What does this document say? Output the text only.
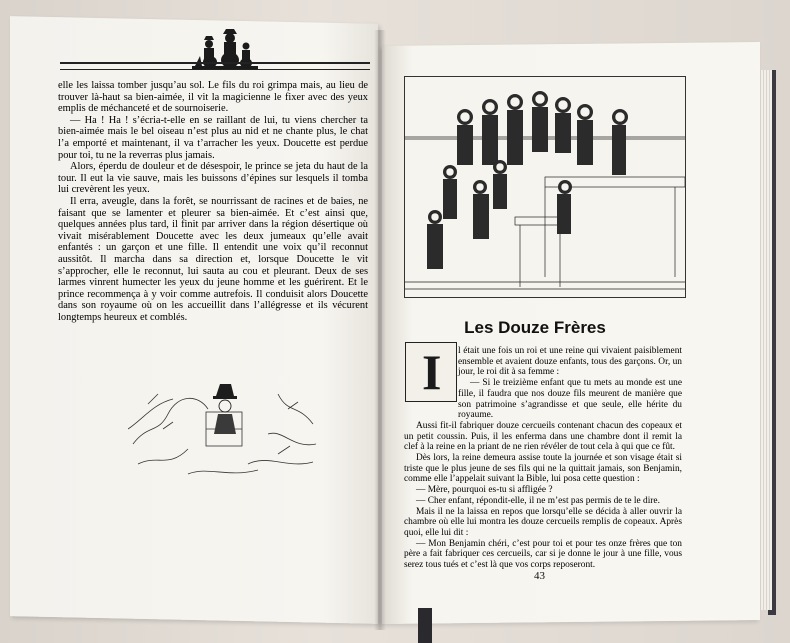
elle les laissa tomber jusqu’au sol. Le fils du roi grimpa mais, au lieu de trouver là-haut sa bien-aimée, il vit la magicienne le fixer avec des yeux emplis de méchanceté et de sournoiserie.

— Ha ! Ha ! s’écria-t-elle en se raillant de lui, tu viens chercher ta bien-aimée mais le bel oiseau n’est plus au nid et ne chante plus, le chat l’a emporté et maintenant, il va t’arracher les yeux. Doucette est perdue pour toi, tu ne la reverras plus jamais.

Alors, éperdu de douleur et de désespoir, le prince se jeta du haut de la tour. Il eut la vie sauve, mais les buissons d’épines sur lesquels il tomba lui crevèrent les yeux.

Il erra, aveugle, dans la forêt, se nourrissant de racines et de baies, ne faisant que se lamenter et pleurer sa bien-aimée. Et c’est ainsi que, quelques années plus tard, il finit par arriver dans la région désertique où vivait misérablement Doucette avec les deux jumeaux qu’elle avait enfantés : un garçon et une fille. Il entendit une voix qu’il reconnut aussitôt. Il marcha dans sa direction et, lorsque Doucette le vit s’approcher, elle le reconnut, lui sauta au cou et pleurant. Deux de ses larmes vinrent humecter les yeux du jeune homme et les guérirent. Et le prince recommença à y voir comme autrefois. Il conduisit alors Doucette dans son royaume où on les accueillit dans l’allégresse et ils vécurent longtemps heureux et comblés.

Les Douze Frères
I	l était une fois un roi et une reine qui vivaient paisiblement ensemble et avaient douze enfants, tous des garçons. Or, un jour, le roi dit à sa femme :

— Si le treizième enfant que tu mets au monde est une fille, il faudra que nos douze fils meurent de manière que son patrimoine s’agrandisse et que seule, elle hérite du royaume.

Aussi fit-il fabriquer douze cercueils contenant chacun des copeaux et un petit coussin. Puis, il les enferma dans une chambre dont il remit la clef à la reine en la priant de ne rien révéler de tout cela à qui que ce fût.

Dès lors, la reine demeura assise toute la journée et son visage était si triste que le plus jeune de ses fils qui ne la quittait jamais, son Benjamin, comme elle l’appelait suivant la Bible, lui posa cette question :

— Mère, pourquoi es-tu si affligée ?

— Cher enfant, répondit-elle, il ne m’est pas permis de te le dire.

Mais il ne la laissa en repos que lorsqu’elle se décida à aller ouvrir la chambre où elle lui montra les douze cercueils remplis de copeaux. Après quoi, elle lui dit :

— Mon Benjamin chéri, c’est pour toi et pour tes onze frères que ton père a fait fabriquer ces cercueils, car si je donne le jour à une fille, vous serez tous tués et c’est là que vos corps reposeront.

43
